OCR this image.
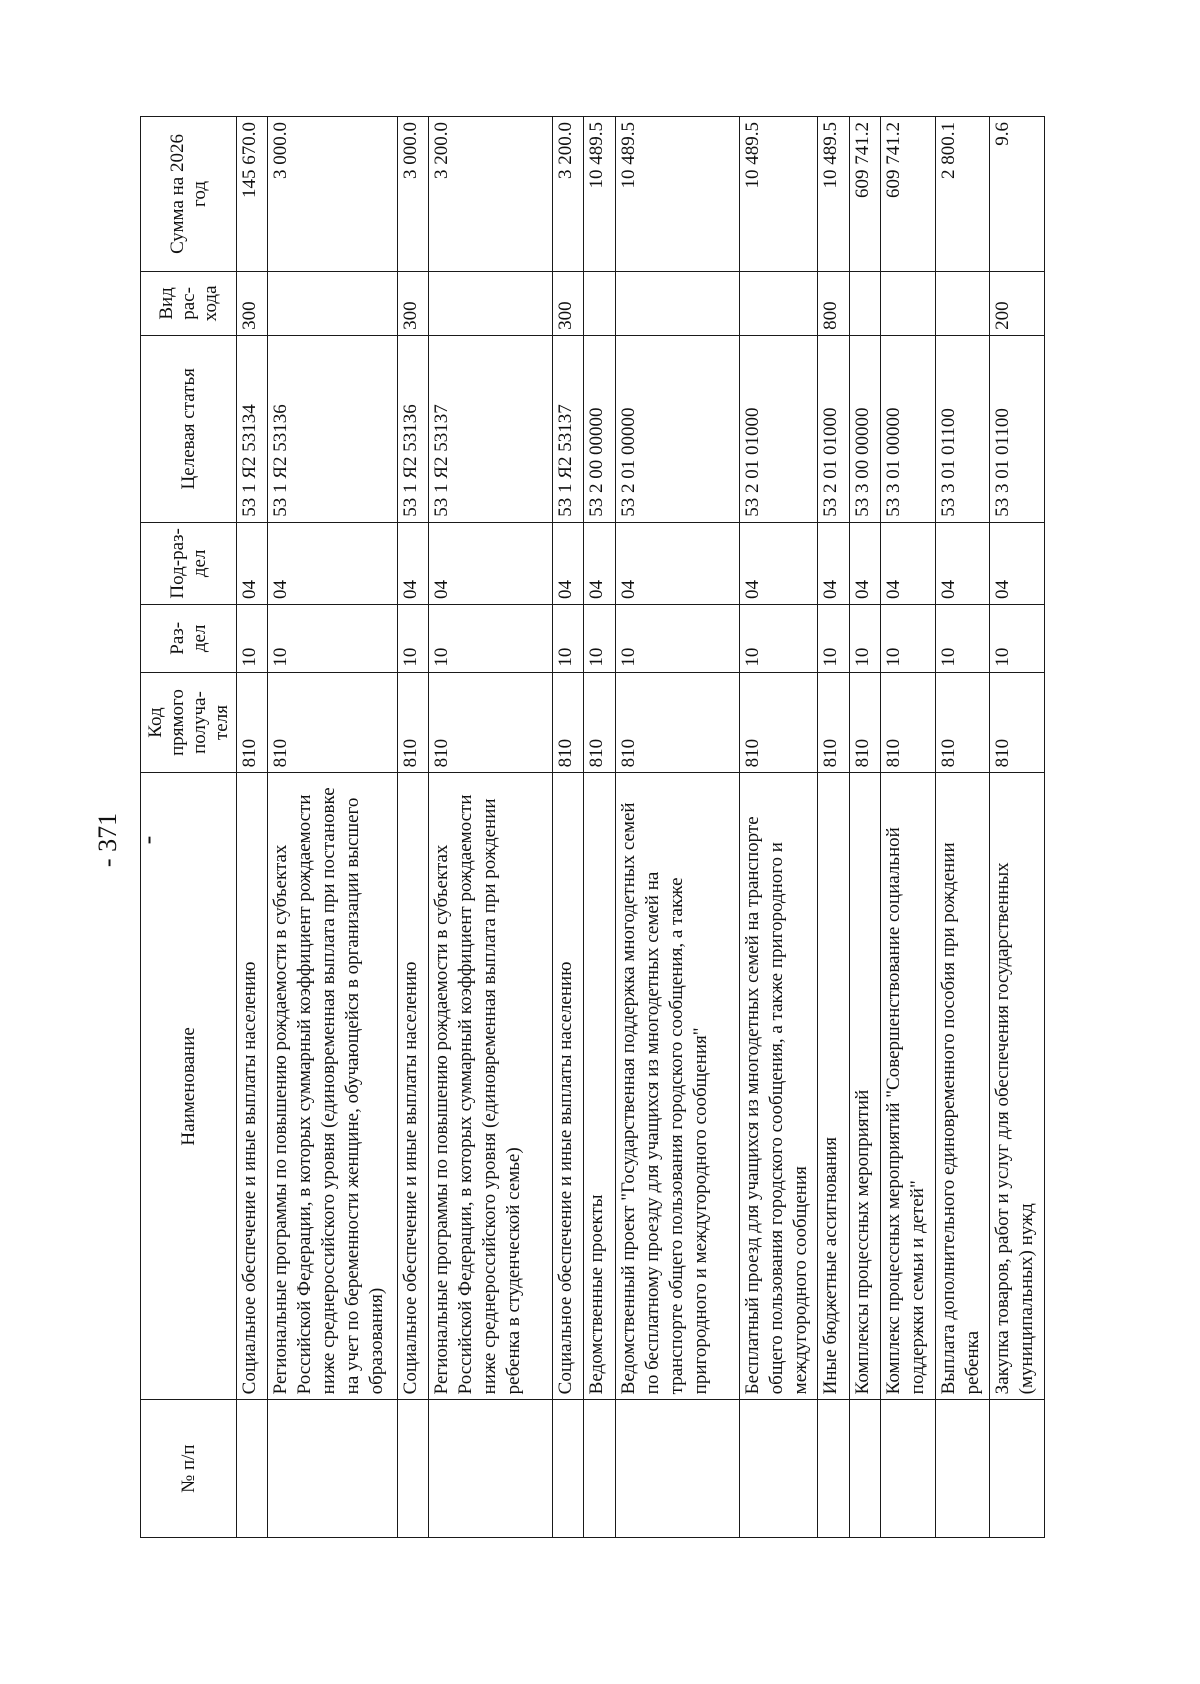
- 371 -
№ п/п	Наименование	Код прямого получа-теля	Раз-дел	Под-раз-дел	Целевая статья	Вид рас-хода	Сумма на 2026 год
	Социальное обеспечение и иные выплаты населению	810	10	04	53 1 Я2 53134	300	145 670.0
	Региональные программы по повышению рождаемости в субъектах Российской Федерации, в которых суммарный коэффициент рождаемости ниже среднероссийского уровня (единовременная выплата при постановке на учет по беременности женщине, обучающейся в организации высшего образования)	810	10	04	53 1 Я2 53136		3 000.0
	Социальное обеспечение и иные выплаты населению	810	10	04	53 1 Я2 53136	300	3 000.0
	Региональные программы по повышению рождаемости в субъектах Российской Федерации, в которых суммарный коэффициент рождаемости ниже среднероссийского уровня (единовременная выплата при рождении ребенка в студенческой семье)	810	10	04	53 1 Я2 53137		3 200.0
	Социальное обеспечение и иные выплаты населению	810	10	04	53 1 Я2 53137	300	3 200.0
	Ведомственные проекты	810	10	04	53 2 00 00000		10 489.5
	Ведомственный проект "Государственная поддержка многодетных семей по бесплатному проезду для учащихся из многодетных семей на транспорте общего пользования городского сообщения, а также пригородного и междугородного сообщения"	810	10	04	53 2 01 00000		10 489.5
	Бесплатный проезд для учащихся из многодетных семей на транспорте общего пользования городского сообщения, а также пригородного и междугородного сообщения	810	10	04	53 2 01 01000		10 489.5
	Иные бюджетные ассигнования	810	10	04	53 2 01 01000	800	10 489.5
	Комплексы процессных мероприятий	810	10	04	53 3 00 00000		609 741.2
	Комплекс процессных мероприятий "Совершенствование социальной поддержки семьи и детей"	810	10	04	53 3 01 00000		609 741.2
	Выплата дополнительного единовременного пособия при рождении ребенка	810	10	04	53 3 01 01100		2 800.1
	Закупка товаров, работ и услуг для обеспечения государственных (муниципальных) нужд	810	10	04	53 3 01 01100	200	9.6
